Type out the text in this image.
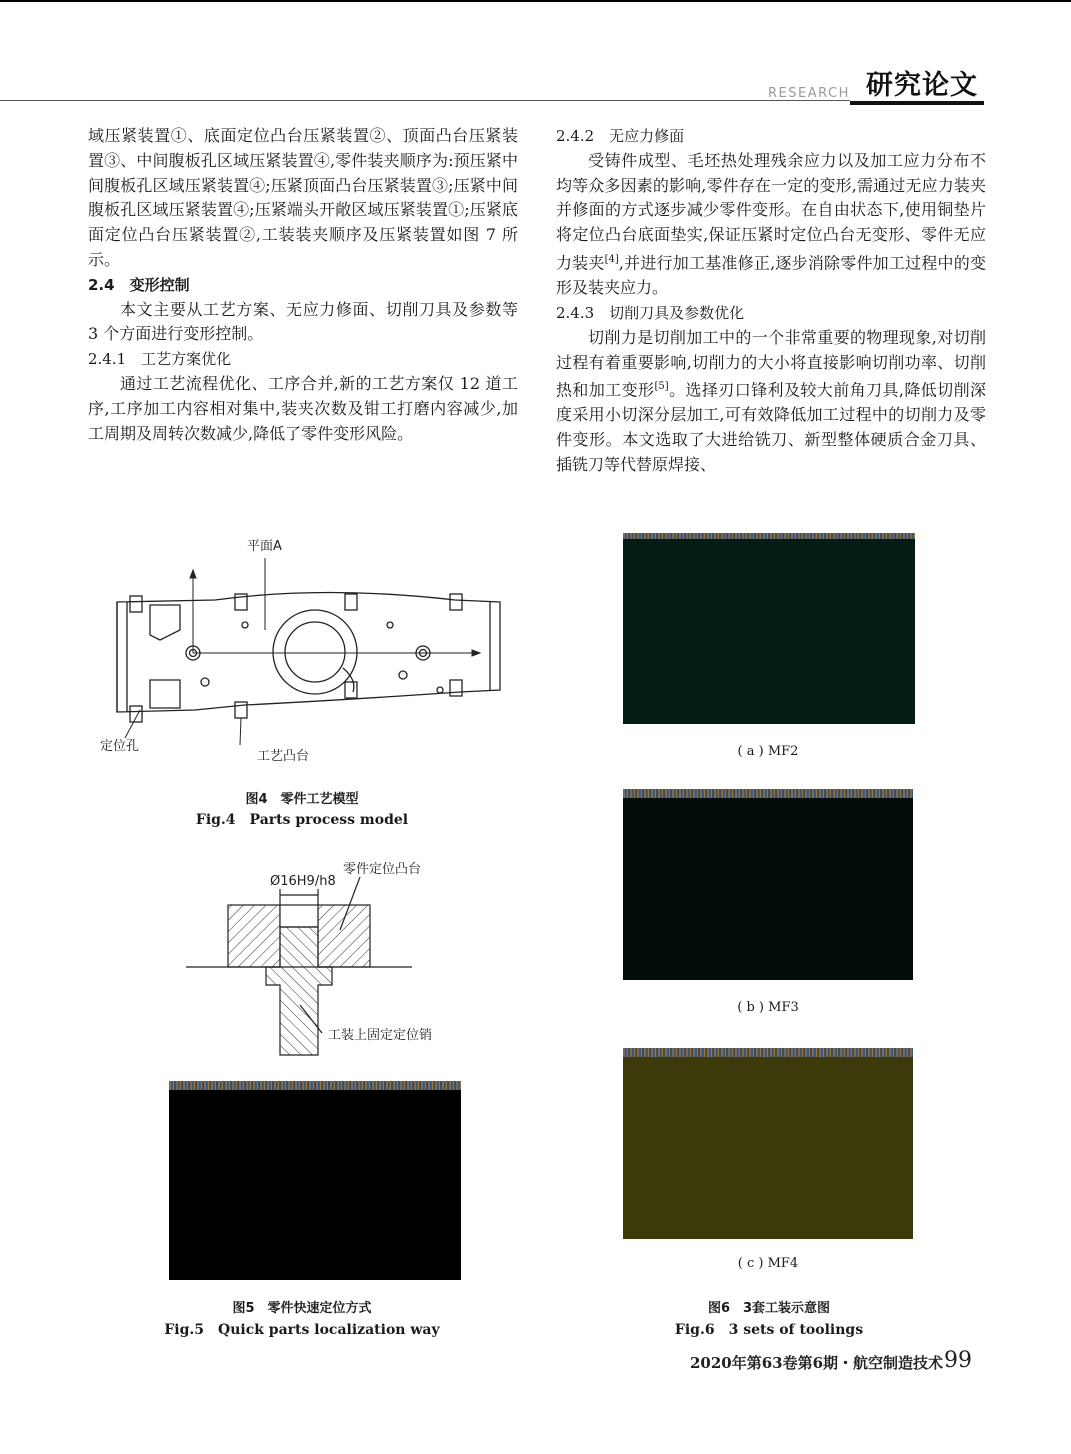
RESEARCH 研究论文

域压紧装置①、底面定位凸台压紧装置②、顶面凸台压紧装置③、中间腹板孔区域压紧装置④,零件装夹顺序为:预压紧中间腹板孔区域压紧装置④;压紧顶面凸台压紧装置③;压紧中间腹板孔区域压紧装置④;压紧端头开敞区域压紧装置①;压紧底面定位凸台压紧装置②,工装装夹顺序及压紧装置如图 7 所示。

2.4　变形控制

本文主要从工艺方案、无应力修面、切削刀具及参数等 3 个方面进行变形控制。

2.4.1　工艺方案优化

通过工艺流程优化、工序合并,新的工艺方案仅 12 道工序,工序加工内容相对集中,装夹次数及钳工打磨内容减少,加工周期及周转次数减少,降低了零件变形风险。

2.4.2　无应力修面

受铸件成型、毛坯热处理残余应力以及加工应力分布不均等众多因素的影响,零件存在一定的变形,需通过无应力装夹并修面的方式逐步减少零件变形。在自由状态下,使用铜垫片将定位凸台底面垫实,保证压紧时定位凸台无变形、零件无应力装夹[4],并进行加工基准修正,逐步消除零件加工过程中的变形及装夹应力。

2.4.3　切削刀具及参数优化

切削力是切削加工中的一个非常重要的物理现象,对切削过程有着重要影响,切削力的大小将直接影响切削功率、切削热和加工变形[5]。选择刃口锋利及较大前角刀具,降低切削深度采用小切深分层加工,可有效降低加工过程中的切削力及零件变形。本文选取了大进给铣刀、新型整体硬质合金刀具、插铣刀等代替原焊接、

平面A
定位孔
工艺凸台
图4　零件工艺模型
Fig.4　Parts process model
Ø16H9/h8
零件定位凸台
工装上固定定位销
图5　零件快速定位方式
Fig.5　Quick parts localization way
( a ) MF2
( b ) MF3
( c ) MF4
图6　3套工装示意图
Fig.6　3 sets of toolings
2020年第63卷第6期・航空制造技术 99
